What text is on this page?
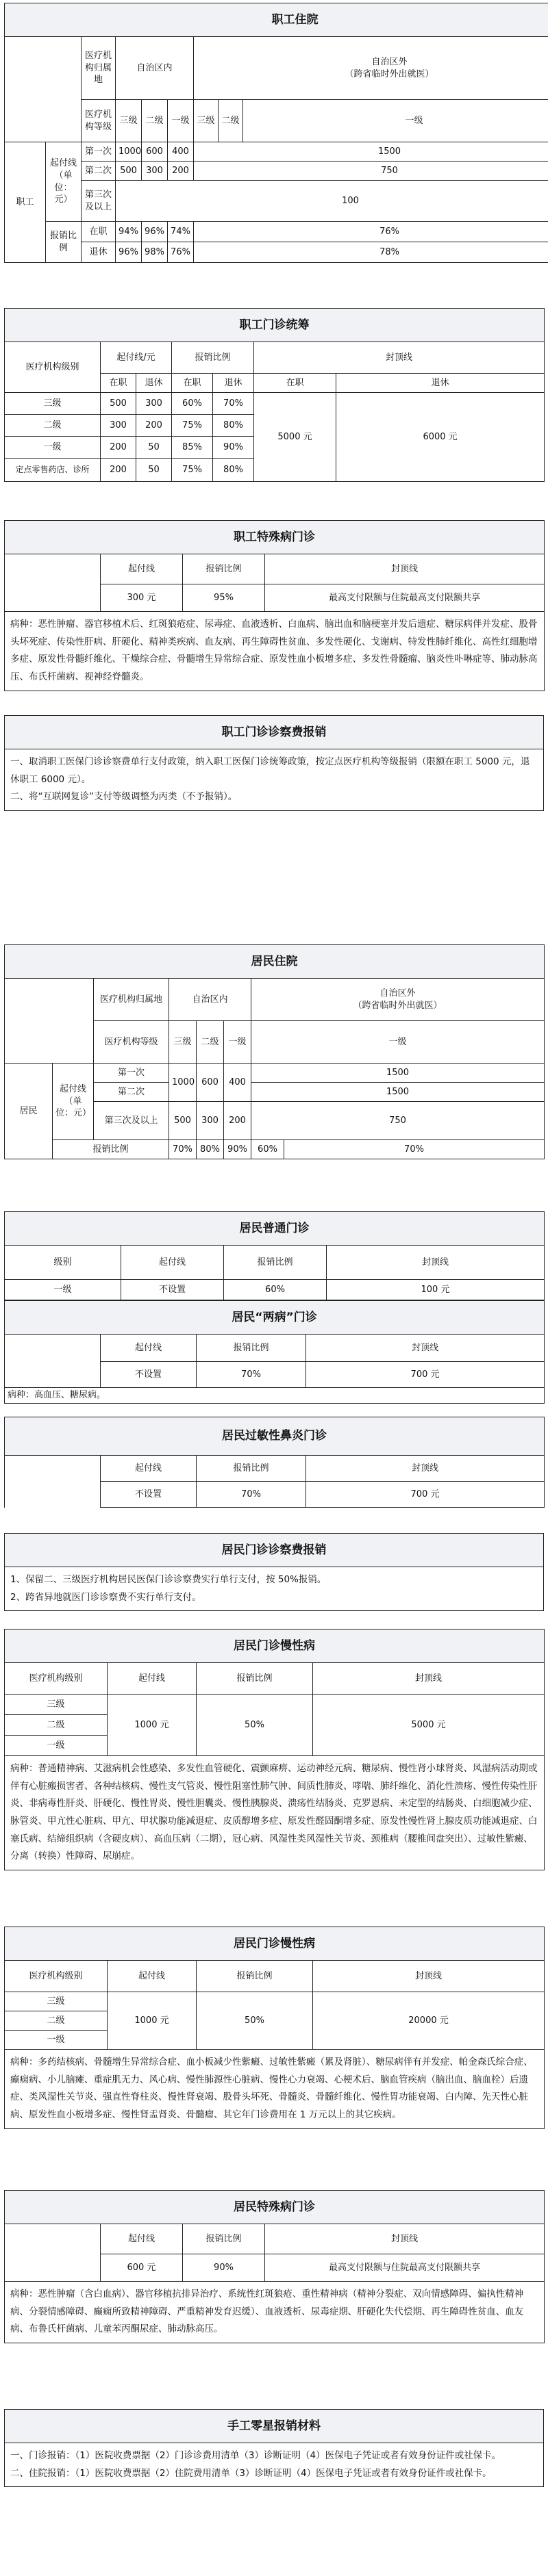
职工住院								
		医疗机构归属地	自治区内			自治区外
（跨省临时外出就医）		
		医疗机构等级	三级	二级	一级	三级	二级	一级
职工	起付线（单位：元）	第一次	1000	600	400	1500		
		第二次	500	300	200	750		
		第三次及以上	100					
	报销比例	在职	94%	96%	74%	76%		
		退休	96%	98%	76%	78%		
职工门诊统筹						
医疗机构级别	起付线/元		报销比例		封顶线	
	在职	退休	在职	退休	在职	退休
三级	500	300	60%	70%	5000 元	6000 元
二级	300	200	75%	80%		
一级	200	50	85%	90%		
定点零售药店、诊所	200	50	75%	80%		
职工特殊病门诊			
	起付线	报销比例	封顶线
	300 元	95%	最高支付限额与住院最高支付限额共享
病种：恶性肿瘤、器官移植术后、红斑狼疮症、尿毒症、血液透析、白血病、脑出血和脑梗塞并发后遗症、糖尿病伴并发症、股骨头坏死症、传染性肝病、肝硬化、精神类疾病、血友病、再生障碍性贫血、多发性硬化、戈谢病、特发性肺纤维化、高性红细胞增多症、原发性骨髓纤维化、干燥综合症、骨髓增生异常综合症、原发性血小板增多症、多发性骨髓瘤、脑炎性卟啉症等、肺动脉高压、布氏杆菌病、视神经脊髓炎。			
职工门诊诊察费报销

一、取消职工医保门诊诊察费单行支付政策，纳入职工医保门诊统筹政策，按定点医疗机构等级报销（限额在职工 5000 元，退休职工 6000 元）。
二、将“互联网复诊”支付等级调整为丙类（不予报销）。
居民住院							
		医疗机构归属地	自治区内			自治区外
（跨省临时外出就医）	
		医疗机构等级	三级	二级	一级	一级	
居民	起付线（单位：元）	第一次	1000	600	400	1500	
		第二次				1500	
		第三次及以上	500	300	200	750	
	报销比例		70%	80%	90%	60%	70%
居民普通门诊			
级别	起付线	报销比例	封顶线
一级	不设置	60%	100 元
居民“两病”门诊			
	起付线	报销比例	封顶线
	不设置	70%	700 元
病种：高血压、糖尿病。			
居民过敏性鼻炎门诊			
	起付线	报销比例	封顶线
	不设置	70%	700 元
居民门诊诊察费报销

1、保留二、三级医疗机构居民医保门诊诊察费实行单行支付，按 50%报销。
2、跨省异地就医门诊诊察费不实行单行支付。
居民门诊慢性病			
医疗机构级别	起付线	报销比例	封顶线
三级	1000 元	50%	5000 元
二级			
一级			
病种：普通精神病、艾滋病机会性感染、多发性血管硬化、震颤麻痹、运动神经元病、糖尿病、慢性肾小球肾炎、风湿病活动期或伴有心脏瘢损害者、各种结核病、慢性支气管炎、慢性阻塞性肺气肿、间质性肺炎、哮喘、肺纤维化、消化性溃疡、慢性传染性肝炎、非病毒性肝炎、肝硬化、慢性胃炎、慢性胆囊炎、慢性胰腺炎、溃疡性结肠炎、克罗恩病、未定型的结肠炎、白细胞减少症、脉管炎、甲亢性心脏病、甲亢、甲状腺功能减退症、皮质醇增多症、原发性醛固酮增多症、原发性慢性肾上腺皮质功能减退症、白塞氏病、结缔组织病（含硬皮病）、高血压病（二期），冠心病、风湿性类风湿性关节炎、颈椎病（腰椎间盘突出）、过敏性紫癜、分离（转换）性障碍、尿崩症。			
居民门诊慢性病			
医疗机构级别	起付线	报销比例	封顶线
三级	1000 元	50%	20000 元
二级			
一级			
病种：多药结核病、骨髓增生异常综合症、血小板减少性紫癜、过敏性紫癜（累及肾脏）、糖尿病伴有并发症、帕金森氏综合症、癫痫病、小儿脑瘫、重症肌无力、风心病、慢性肺源性心脏病、慢性心力衰竭、心梗术后、脑血管疾病（脑出血、脑血栓）后遗症、类风湿性关节炎、强直性脊柱炎、慢性肾衰竭、股骨头坏死、骨髓炎、骨髓纤维化、慢性胃功能衰竭、白内障、先天性心脏病、原发性血小板增多症、慢性肾盂肾炎、骨髓瘤、其它年门诊费用在 1 万元以上的其它疾病。			
居民特殊病门诊			
	起付线	报销比例	封顶线
	600 元	90%	最高支付限额与住院最高支付限额共享
病种：恶性肿瘤（含白血病）、器官移植抗排异治疗、系统性红斑狼疮、重性精神病（精神分裂症、双向情感障碍、偏执性精神病、分裂情感障碍、癫痫所致精神障碍、严重精神发育迟缓）、血液透析、尿毒症期、肝硬化失代偿期、再生障碍性贫血、血友病、布鲁氏杆菌病、儿童苯丙酮尿症、肺动脉高压。			
手工零星报销材料

一、门诊报销：（1）医院收费票据（2）门诊诊费用清单（3）诊断证明（4）医保电子凭证或者有效身份证件或社保卡。
二、住院报销：（1）医院收费票据（2）住院费用清单（3）诊断证明（4）医保电子凭证或者有效身份证件或社保卡。
